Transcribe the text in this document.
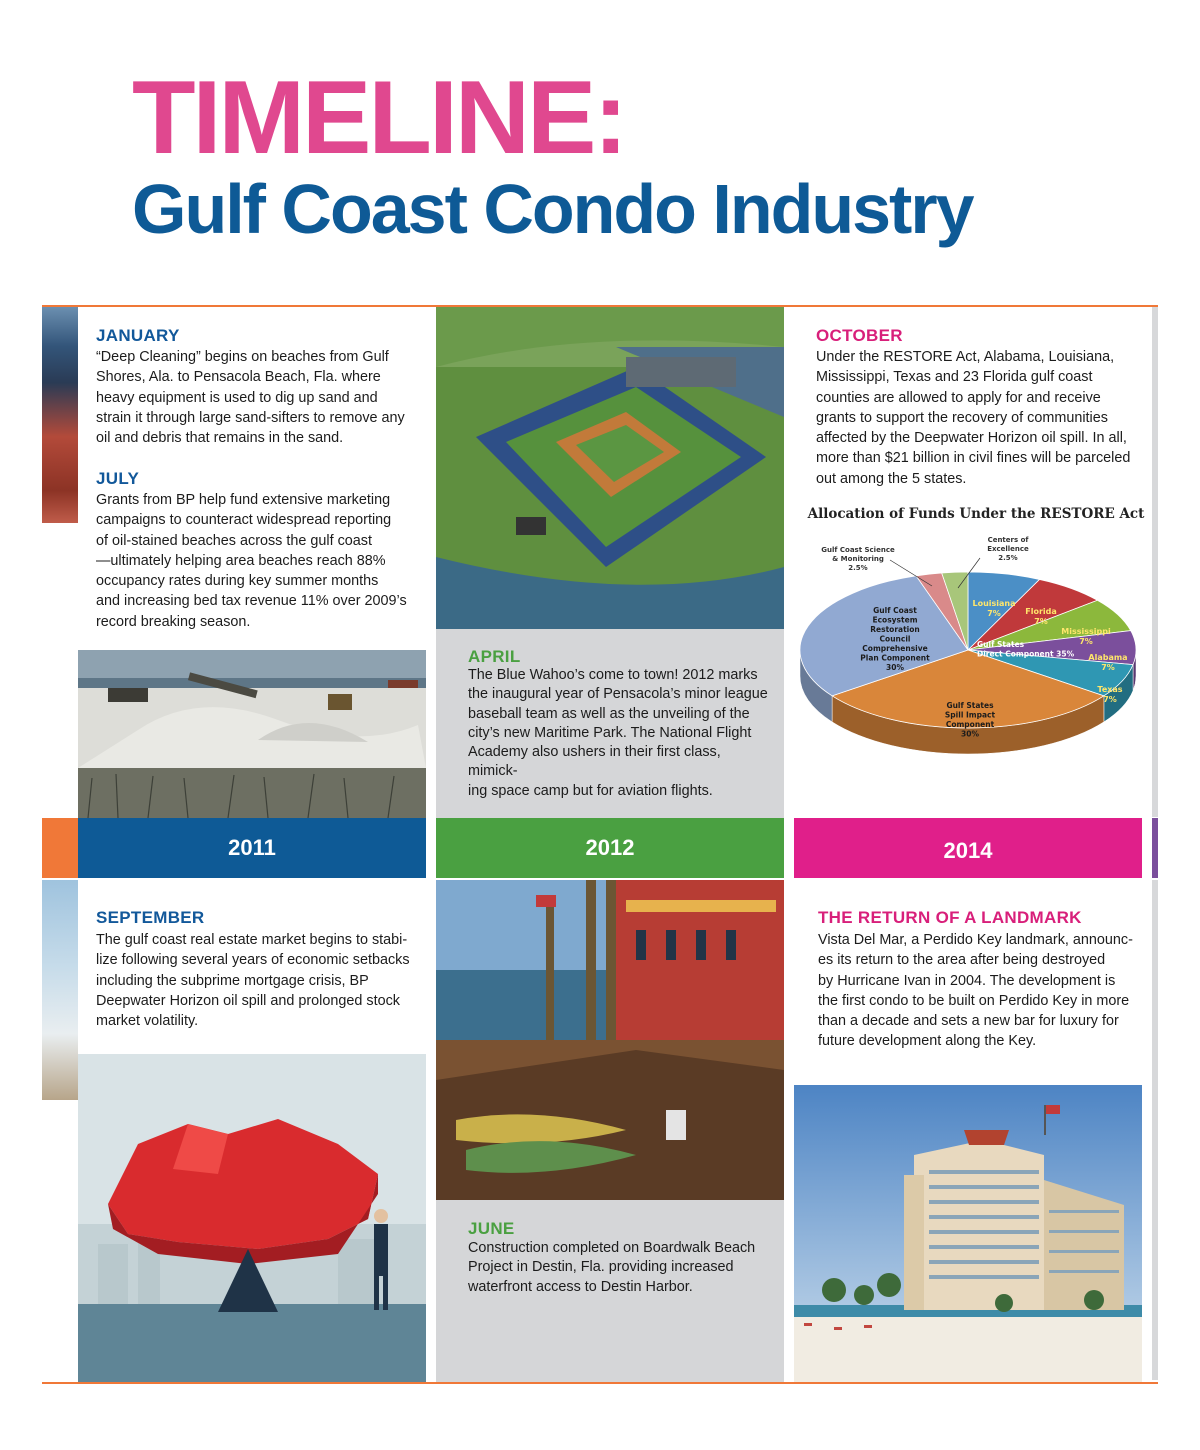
TIMELINE:
Gulf Coast Condo Industry
JANUARY
“Deep Cleaning” begins on beaches from Gulf
Shores, Ala. to Pensacola Beach, Fla. where
heavy equipment is used to dig up sand and
strain it through large sand-sifters to remove any
oil and debris that remains in the sand.
JULY
Grants from BP help fund extensive marketing
campaigns to counteract widespread reporting
of oil-stained beaches across the gulf coast
—ultimately helping area beaches reach 88%
occupancy rates during key summer months
and increasing bed tax revenue 11% over 2009’s
record breaking season.
APRIL
The Blue Wahoo’s come to town! 2012 marks
the inaugural year of Pensacola’s minor league
baseball team as well as the unveiling of the
city’s new Maritime Park. The National Flight
Academy also ushers in their first class, mimick-
ing space camp but for aviation flights.
OCTOBER
Under the RESTORE Act, Alabama, Louisiana,
Mississippi, Texas and 23 Florida gulf coast
counties are allowed to apply for and receive
grants to support the recovery of communities
affected by the Deepwater Horizon oil spill. In all,
more than $21 billion in civil fines will be parceled
out among the 5 states.
Allocation of Funds Under the RESTORE Act
Louisiana 7%	Florida 7%
Mississippi 7%
Alabama 7%
Texas 7%
Gulf States Spill Impact Component 30%
Gulf Coast Ecosystem Restoration Council Comprehensive Plan Component 30%
Gulf States Direct Component 35%
Gulf Coast Science & Monitoring 2.5%
Centers of Excellence 2.5%
2011	2012	2014
SEPTEMBER
The gulf coast real estate market begins to stabi-
lize following several years of economic setbacks
including the subprime mortgage crisis, BP
Deepwater Horizon oil spill and prolonged stock
market volatility.
JUNE
Construction completed on Boardwalk Beach
Project in Destin, Fla. providing increased
waterfront access to Destin Harbor.
THE RETURN OF A LANDMARK
Vista Del Mar, a Perdido Key landmark, announc-
es its return to the area after being destroyed
by Hurricane Ivan in 2004. The development is
the first condo to be built on Perdido Key in more
than a decade and sets a new bar for luxury for
future development along the Key.
